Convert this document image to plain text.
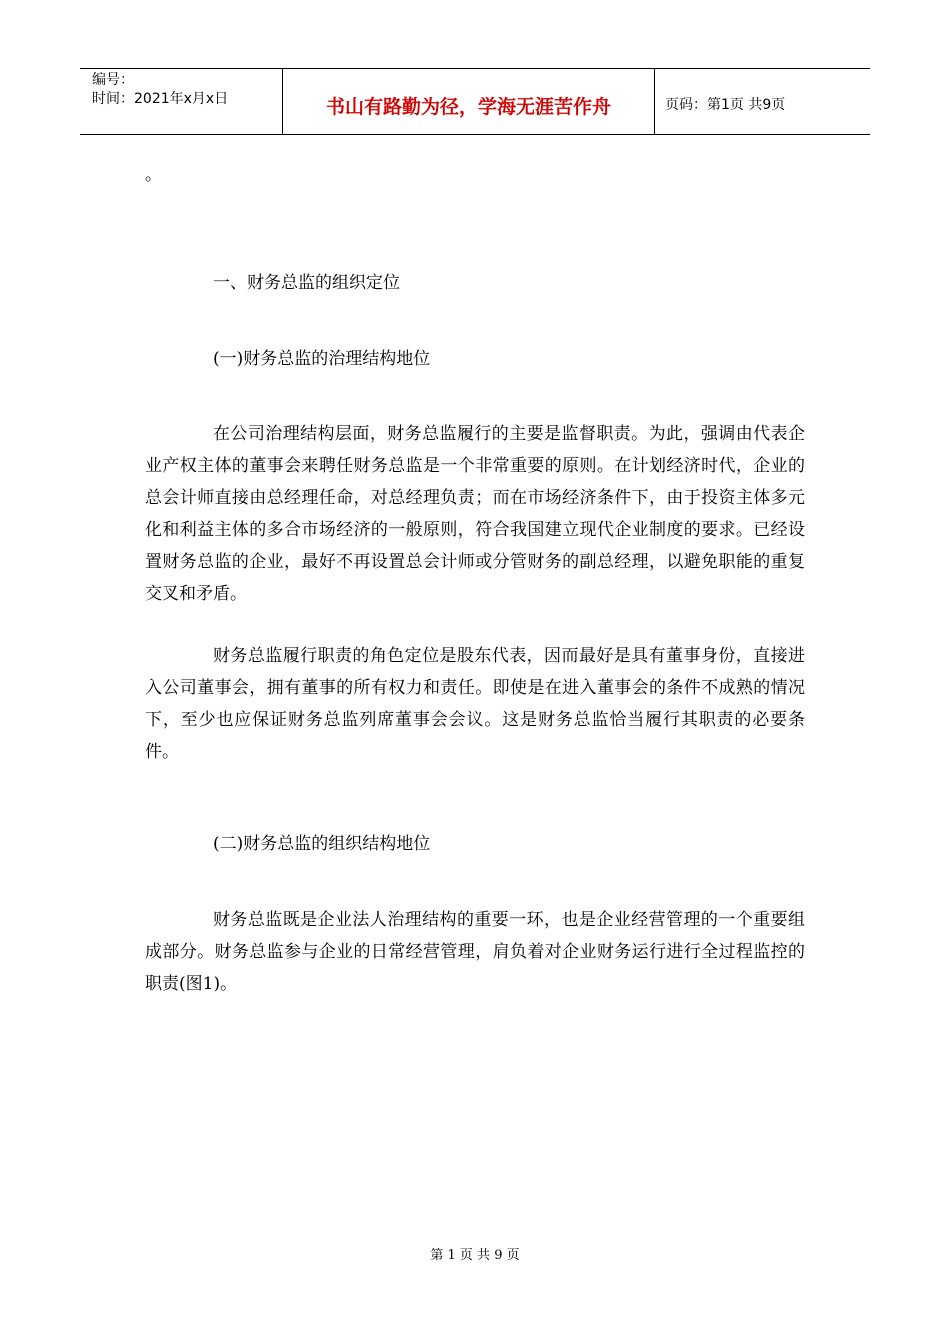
编号：
时间：2021年x月x日	书山有路勤为径，学海无涯苦作舟	页码：第1页 共9页
。

一、财务总监的组织定位

(一)财务总监的治理结构地位

在公司治理结构层面，财务总监履行的主要是监督职责。为此，强调由代表企业产权主体的董事会来聘任财务总监是一个非常重要的原则。在计划经济时代，企业的总会计师直接由总经理任命，对总经理负责；而在市场经济条件下，由于投资主体多元化和利益主体的多合市场经济的一般原则，符合我国建立现代企业制度的要求。已经设置财务总监的企业，最好不再设置总会计师或分管财务的副总经理，以避免职能的重复交叉和矛盾。

财务总监履行职责的角色定位是股东代表，因而最好是具有董事身份，直接进入公司董事会，拥有董事的所有权力和责任。即使是在进入董事会的条件不成熟的情况下，至少也应保证财务总监列席董事会会议。这是财务总监恰当履行其职责的必要条件。

(二)财务总监的组织结构地位

财务总监既是企业法人治理结构的重要一环，也是企业经营管理的一个重要组成部分。财务总监参与企业的日常经营管理，肩负着对企业财务运行进行全过程监控的职责(图1)。

第 1 页 共 9 页
